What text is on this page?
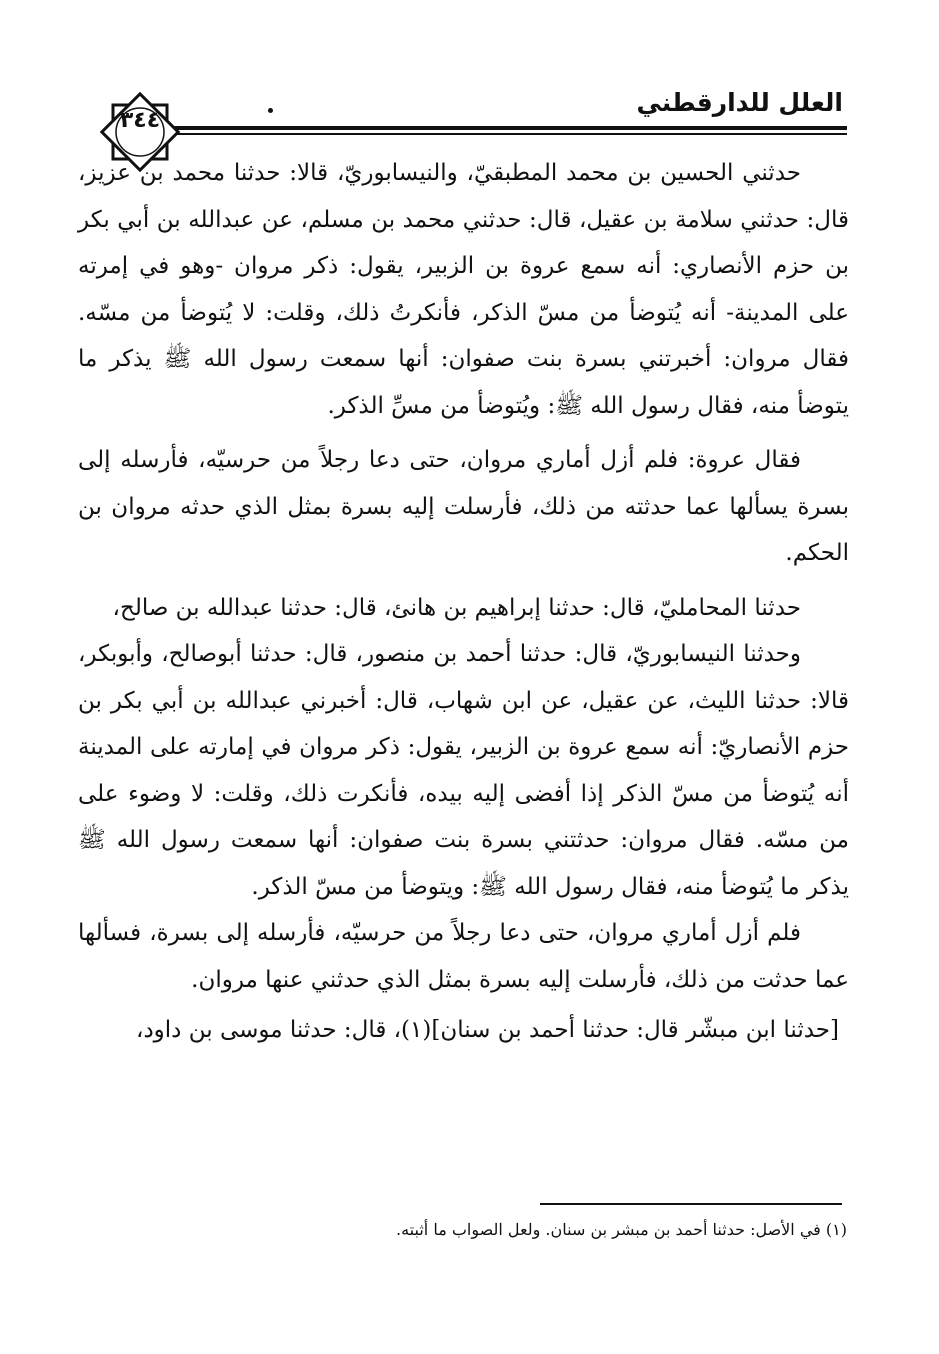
العلل للدارقطني
٣٤٤

حدثني الحسين بن محمد المطبقيّ، والنيسابوريّ، قالا: حدثنا محمد بن عزيز، قال: حدثني سلامة بن عقيل، قال: حدثني محمد بن مسلم، عن عبدالله بن أبي بكر بن حزم الأنصاري: أنه سمع عروة بن الزبير، يقول: ذكر مروان -وهو في إمرته على المدينة- أنه يُتوضأ من مسّ الذكر، فأنكرتُ ذلك، وقلت: لا يُتوضأ من مسّه. فقال مروان: أخبرتني بسرة بنت صفوان: أنها سمعت رسول الله ﷺ يذكر ما يتوضأ منه، فقال رسول الله ﷺ: ويُتوضأ من مسِّ الذكر.

فقال عروة: فلم أزل أماري مروان، حتى دعا رجلاً من حرسيّه، فأرسله إلى بسرة يسألها عما حدثته من ذلك، فأرسلت إليه بسرة بمثل الذي حدثه مروان بن الحكم.

حدثنا المحامليّ، قال: حدثنا إبراهيم بن هانئ، قال: حدثنا عبدالله بن صالح،

وحدثنا النيسابوريّ، قال: حدثنا أحمد بن منصور، قال: حدثنا أبوصالح، وأبوبكر، قالا: حدثنا الليث، عن عقيل، عن ابن شهاب، قال: أخبرني عبدالله بن أبي بكر بن حزم الأنصاريّ: أنه سمع عروة بن الزبير، يقول: ذكر مروان في إمارته على المدينة أنه يُتوضأ من مسّ الذكر إذا أفضى إليه بيده، فأنكرت ذلك، وقلت: لا وضوء على من مسّه. فقال مروان: حدثتني بسرة بنت صفوان: أنها سمعت رسول الله ﷺ يذكر ما يُتوضأ منه، فقال رسول الله ﷺ: ويتوضأ من مسّ الذكر.

فلم أزل أماري مروان، حتى دعا رجلاً من حرسيّه، فأرسله إلى بسرة، فسألها عما حدثت من ذلك، فأرسلت إليه بسرة بمثل الذي حدثني عنها مروان.

[حدثنا ابن مبشّر قال: حدثنا أحمد بن سنان](١)، قال: حدثنا موسى بن داود،

(١) في الأصل: حدثنا أحمد بن مبشر بن سنان. ولعل الصواب ما أثبته.
